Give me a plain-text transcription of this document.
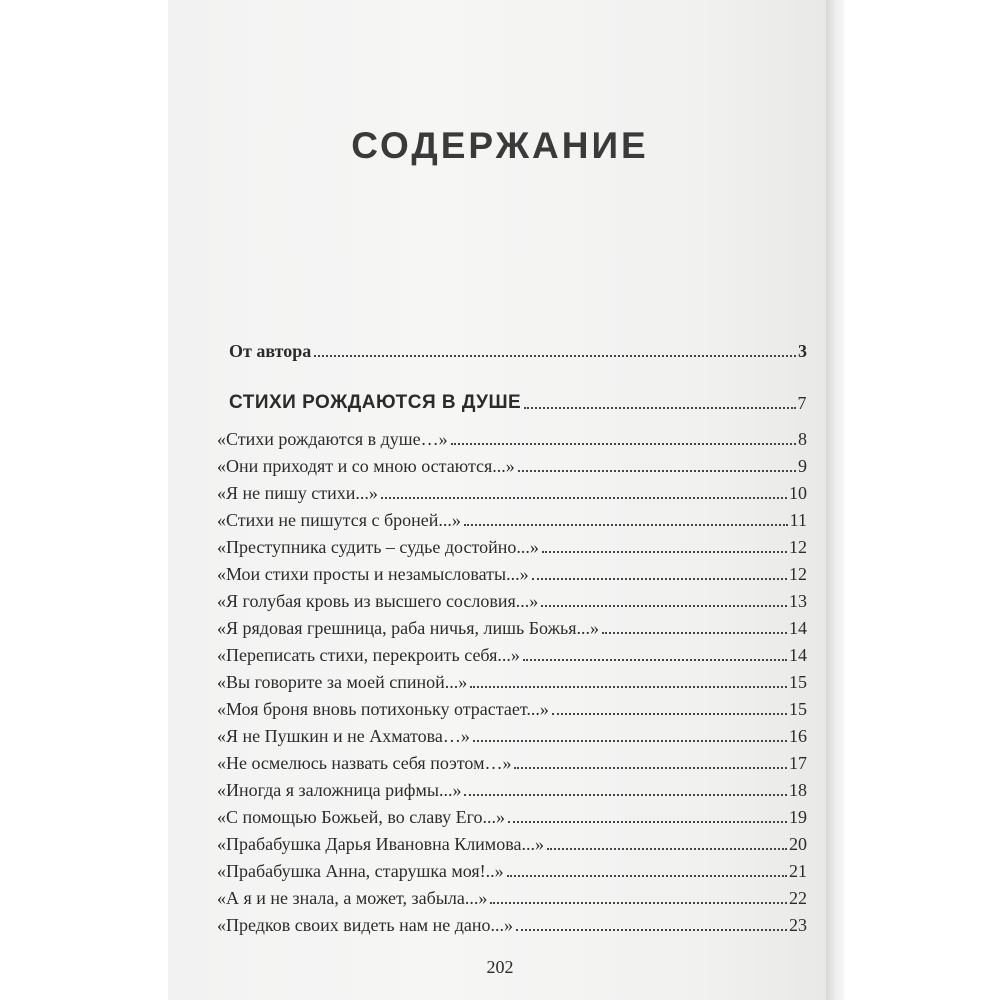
СОДЕРЖАНИЕ
От автора	3
СТИХИ РОЖДАЮТСЯ В ДУШЕ	7
«Стихи рождаются в душе…»	8
«Они приходят и со мною остаются...»	9
«Я не пишу стихи...»	10
«Стихи не пишутся с броней...»	11
«Преступника судить – судье достойно...»	12
«Мои стихи просты и незамысловаты...»	12
«Я голубая кровь из высшего сословия...»	13
«Я рядовая грешница, раба ничья, лишь Божья...»	14
«Переписать стихи, перекроить себя...»	14
«Вы говорите за моей спиной...»	15
«Моя броня вновь потихоньку отрастает...»	15
«Я не Пушкин и не Ахматова…»	16
«Не осмелюсь назвать себя поэтом…»	17
«Иногда я заложница рифмы...»	18
«С помощью Божьей, во славу Его...»	19
«Прабабушка Дарья Ивановна Климова...»	20
«Прабабушка Анна, старушка моя!..»	21
«А я и не знала, а может, забыла...»	22
«Предков своих видеть нам не дано...»	23
202
